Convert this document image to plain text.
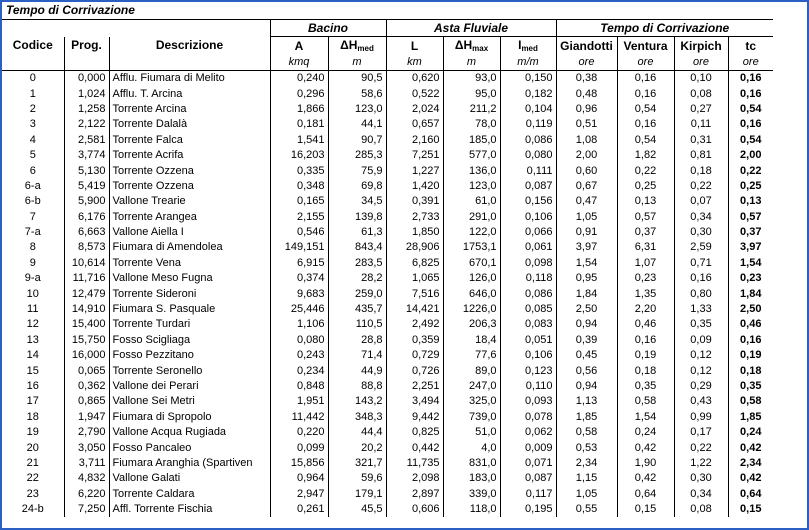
Tempo di Corrivazione
			Bacino		Asta Fluviale			Tempo di Corrivazione			
Codice	Prog.	Descrizione	A	ΔHmed	L	ΔHmax	Imed	Giandotti	Ventura	Kirpich	tc
			kmq	m	km	m	m/m	ore	ore	ore	ore
0	0,000	Afflu. Fiumara di Melito	0,240	90,5	0,620	93,0	0,150	0,38	0,16	0,10	0,16
1	1,024	Afflu. T. Arcina	0,296	58,6	0,522	95,0	0,182	0,48	0,16	0,08	0,16
2	1,258	Torrente Arcina	1,866	123,0	2,024	211,2	0,104	0,96	0,54	0,27	0,54
3	2,122	Torrente Dalalà	0,181	44,1	0,657	78,0	0,119	0,51	0,16	0,11	0,16
4	2,581	Torrente Falca	1,541	90,7	2,160	185,0	0,086	1,08	0,54	0,31	0,54
5	3,774	Torrente Acrifa	16,203	285,3	7,251	577,0	0,080	2,00	1,82	0,81	2,00
6	5,130	Torrente Ozzena	0,335	75,9	1,227	136,0	0,111	0,60	0,22	0,18	0,22
6-a	5,419	Torrente Ozzena	0,348	69,8	1,420	123,0	0,087	0,67	0,25	0,22	0,25
6-b	5,900	Vallone Trearie	0,165	34,5	0,391	61,0	0,156	0,47	0,13	0,07	0,13
7	6,176	Torrente Arangea	2,155	139,8	2,733	291,0	0,106	1,05	0,57	0,34	0,57
7-a	6,663	Vallone Aiella I	0,546	61,3	1,850	122,0	0,066	0,91	0,37	0,30	0,37
8	8,573	Fiumara di Amendolea	149,151	843,4	28,906	1753,1	0,061	3,97	6,31	2,59	3,97
9	10,614	Torrente Vena	6,915	283,5	6,825	670,1	0,098	1,54	1,07	0,71	1,54
9-a	11,716	Vallone Meso Fugna	0,374	28,2	1,065	126,0	0,118	0,95	0,23	0,16	0,23
10	12,479	Torrente Sideroni	9,683	259,0	7,516	646,0	0,086	1,84	1,35	0,80	1,84
11	14,910	Fiumara S. Pasquale	25,446	435,7	14,421	1226,0	0,085	2,50	2,20	1,33	2,50
12	15,400	Torrente Turdari	1,106	110,5	2,492	206,3	0,083	0,94	0,46	0,35	0,46
13	15,750	Fosso Scigliaga	0,080	28,8	0,359	18,4	0,051	0,39	0,16	0,09	0,16
14	16,000	Fosso Pezzitano	0,243	71,4	0,729	77,6	0,106	0,45	0,19	0,12	0,19
15	0,065	Torrente Seronello	0,234	44,9	0,726	89,0	0,123	0,56	0,18	0,12	0,18
16	0,362	Vallone dei Perari	0,848	88,8	2,251	247,0	0,110	0,94	0,35	0,29	0,35
17	0,865	Vallone Sei Metri	1,951	143,2	3,494	325,0	0,093	1,13	0,58	0,43	0,58
18	1,947	Fiumara di Spropolo	11,442	348,3	9,442	739,0	0,078	1,85	1,54	0,99	1,85
19	2,790	Vallone Acqua Rugiada	0,220	44,4	0,825	51,0	0,062	0,58	0,24	0,17	0,24
20	3,050	Fosso Pancaleo	0,099	20,2	0,442	4,0	0,009	0,53	0,42	0,22	0,42
21	3,711	Fiumara Aranghia (Spartiven	15,856	321,7	11,735	831,0	0,071	2,34	1,90	1,22	2,34
22	4,832	Vallone Galati	0,964	59,6	2,098	183,0	0,087	1,15	0,42	0,30	0,42
23	6,220	Torrente Caldara	2,947	179,1	2,897	339,0	0,117	1,05	0,64	0,34	0,64
24-b	7,250	Affl. Torrente Fischia	0,261	45,5	0,606	118,0	0,195	0,55	0,15	0,08	0,15
